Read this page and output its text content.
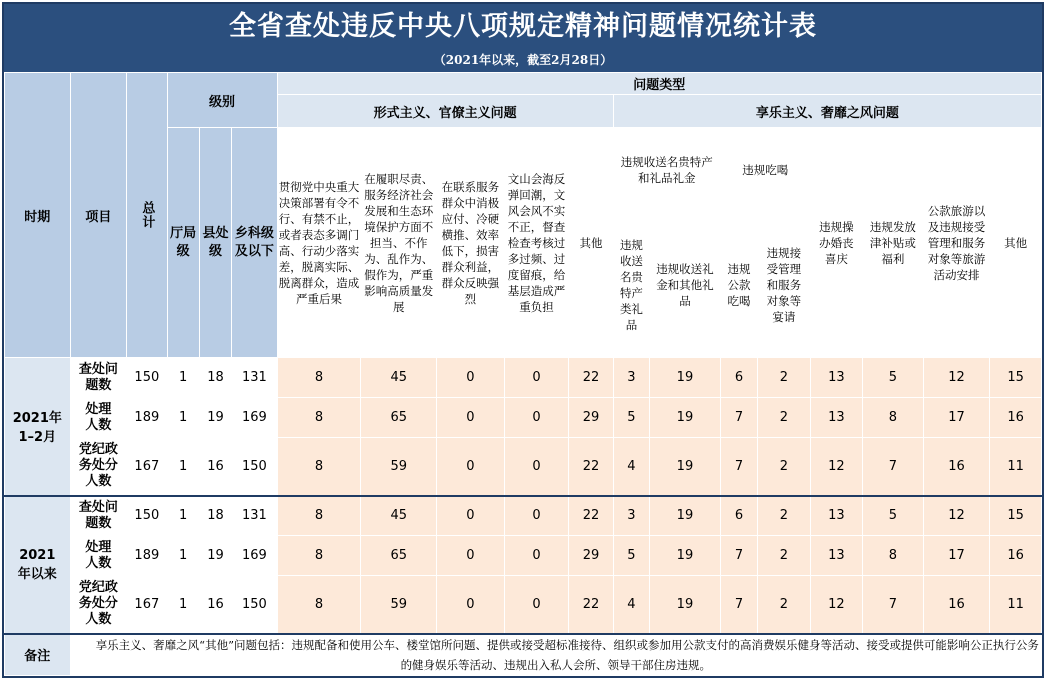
全省查处违反中央八项规定精神问题情况统计表
（2021年以来，截至2月28日）
时期	项目	总计	级别			问题类型												
						形式主义、官僚主义问题					享乐主义、奢靡之风问题							
			厅局级	县处级	乡科级及以下	贯彻党中央重大决策部署有令不行、有禁不止，或者表态多调门高、行动少落实差，脱离实际、脱离群众，造成严重后果	在履职尽责、服务经济社会发展和生态环境保护方面不担当、不作为、乱作为、假作为，严重影响高质量发展	在联系服务群众中消极应付、冷硬横推、效率低下，损害群众利益，群众反映强烈	文山会海反弹回潮，文风会风不实不正，督查检查考核过多过频、过度留痕，给基层造成严重负担	其他	违规收送名贵特产和礼品礼金		违规吃喝		违规操办婚丧喜庆	违规发放津补贴或福利	公款旅游以及违规接受管理和服务对象等旅游活动安排	其他
											违规收送名贵特产类礼品	违规收送礼金和其他礼品	违规公款吃喝	违规接受管理和服务对象等宴请				
2021年1–2月	查处问题数	150	1	18	131	8	45	0	0	22	3	19	6	2	13	5	12	15
	处理人数	189	1	19	169	8	65	0	0	29	5	19	7	2	13	8	17	16
	党纪政务处分人数	167	1	16	150	8	59	0	0	22	4	19	7	2	12	7	16	11
2021年以来	查处问题数	150	1	18	131	8	45	0	0	22	3	19	6	2	13	5	12	15
	处理人数	189	1	19	169	8	65	0	0	29	5	19	7	2	13	8	17	16
	党纪政务处分人数	167	1	16	150	8	59	0	0	22	4	19	7	2	12	7	16	11
备注	享乐主义、奢靡之风“其他”问题包括：违规配备和使用公车、楼堂馆所问题、提供或接受超标准接待、组织或参加用公款支付的高消费娱乐健身等活动、接受或提供可能影响公正执行公务的健身娱乐等活动、违规出入私人会所、领导干部住房违规。																	
